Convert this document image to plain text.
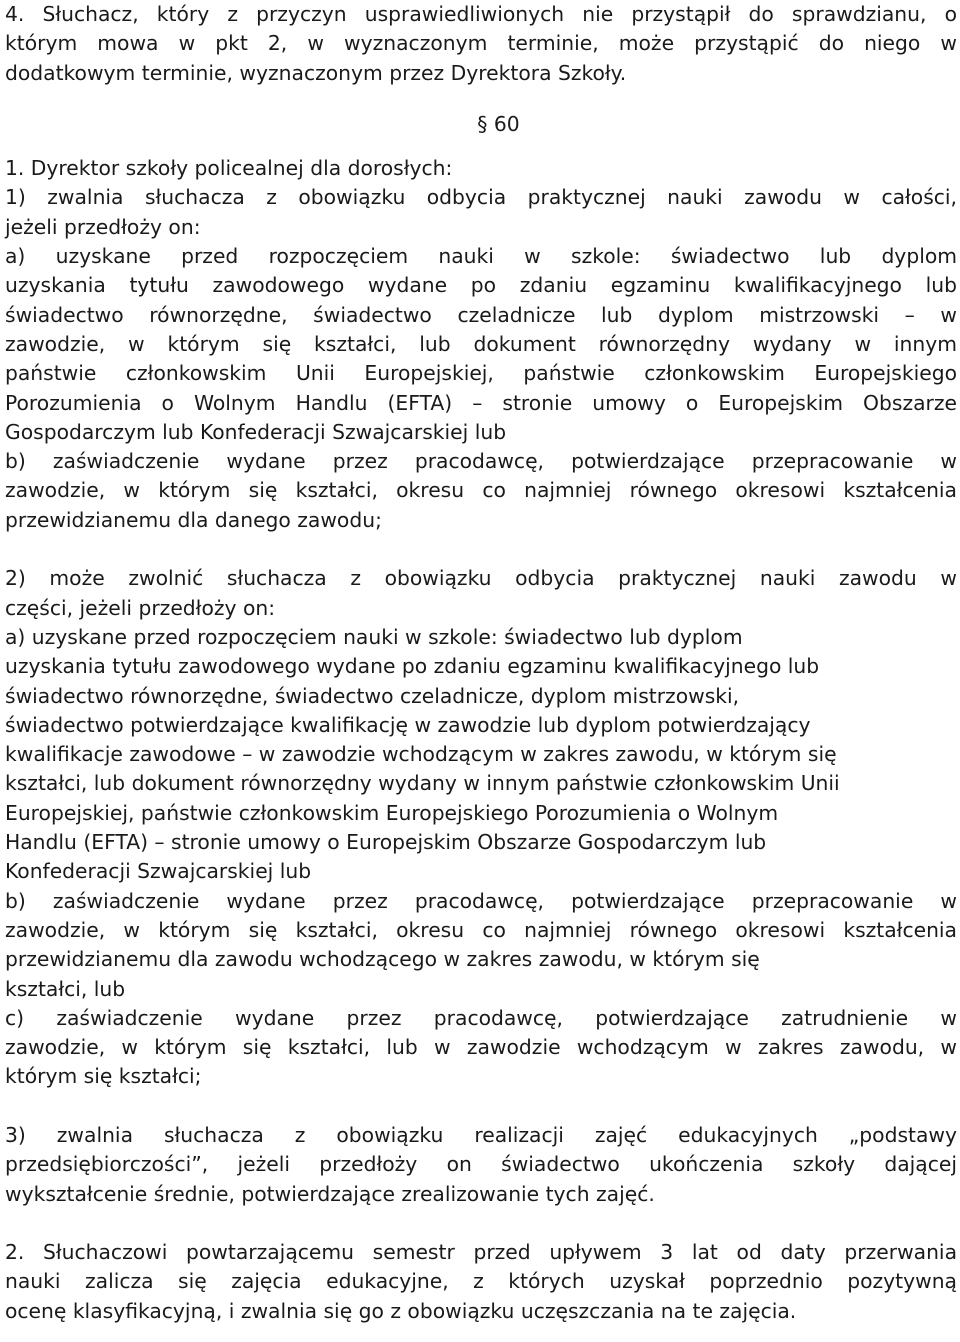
4. Słuchacz, który z przyczyn usprawiedliwionych nie przystąpił do sprawdzianu, o
którym mowa w pkt 2, w wyznaczonym terminie, może przystąpić do niego w
dodatkowym terminie, wyznaczonym przez Dyrektora Szkoły.
§ 60
1. Dyrektor szkoły policealnej dla dorosłych:
1) zwalnia słuchacza z obowiązku odbycia praktycznej nauki zawodu w całości,
jeżeli przedłoży on:
a) uzyskane przed rozpoczęciem nauki w szkole: świadectwo lub dyplom
uzyskania tytułu zawodowego wydane po zdaniu egzaminu kwalifikacyjnego lub
świadectwo równorzędne, świadectwo czeladnicze lub dyplom mistrzowski – w
zawodzie, w którym się kształci, lub dokument równorzędny wydany w innym
państwie członkowskim Unii Europejskiej, państwie członkowskim Europejskiego
Porozumienia o Wolnym Handlu (EFTA) – stronie umowy o Europejskim Obszarze
Gospodarczym lub Konfederacji Szwajcarskiej lub
b) zaświadczenie wydane przez pracodawcę, potwierdzające przepracowanie w
zawodzie, w którym się kształci, okresu co najmniej równego okresowi kształcenia
przewidzianemu dla danego zawodu;
2) może zwolnić słuchacza z obowiązku odbycia praktycznej nauki zawodu w
części, jeżeli przedłoży on:
a) uzyskane przed rozpoczęciem nauki w szkole: świadectwo lub dyplom
uzyskania tytułu zawodowego wydane po zdaniu egzaminu kwalifikacyjnego lub
świadectwo równorzędne, świadectwo czeladnicze, dyplom mistrzowski,
świadectwo potwierdzające kwalifikację w zawodzie lub dyplom potwierdzający
kwalifikacje zawodowe – w zawodzie wchodzącym w zakres zawodu, w którym się
kształci, lub dokument równorzędny wydany w innym państwie członkowskim Unii
Europejskiej, państwie członkowskim Europejskiego Porozumienia o Wolnym
Handlu (EFTA) – stronie umowy o Europejskim Obszarze Gospodarczym lub
Konfederacji Szwajcarskiej lub
b) zaświadczenie wydane przez pracodawcę, potwierdzające przepracowanie w
zawodzie, w którym się kształci, okresu co najmniej równego okresowi kształcenia
przewidzianemu dla zawodu wchodzącego w zakres zawodu, w którym się
kształci, lub
c) zaświadczenie wydane przez pracodawcę, potwierdzające zatrudnienie w
zawodzie, w którym się kształci, lub w zawodzie wchodzącym w zakres zawodu, w
którym się kształci;
3) zwalnia słuchacza z obowiązku realizacji zajęć edukacyjnych „podstawy
przedsiębiorczości”, jeżeli przedłoży on świadectwo ukończenia szkoły dającej
wykształcenie średnie, potwierdzające zrealizowanie tych zajęć.
2. Słuchaczowi powtarzającemu semestr przed upływem 3 lat od daty przerwania
nauki zalicza się zajęcia edukacyjne, z których uzyskał poprzednio pozytywną
ocenę klasyfikacyjną, i zwalnia się go z obowiązku uczęszczania na te zajęcia.
